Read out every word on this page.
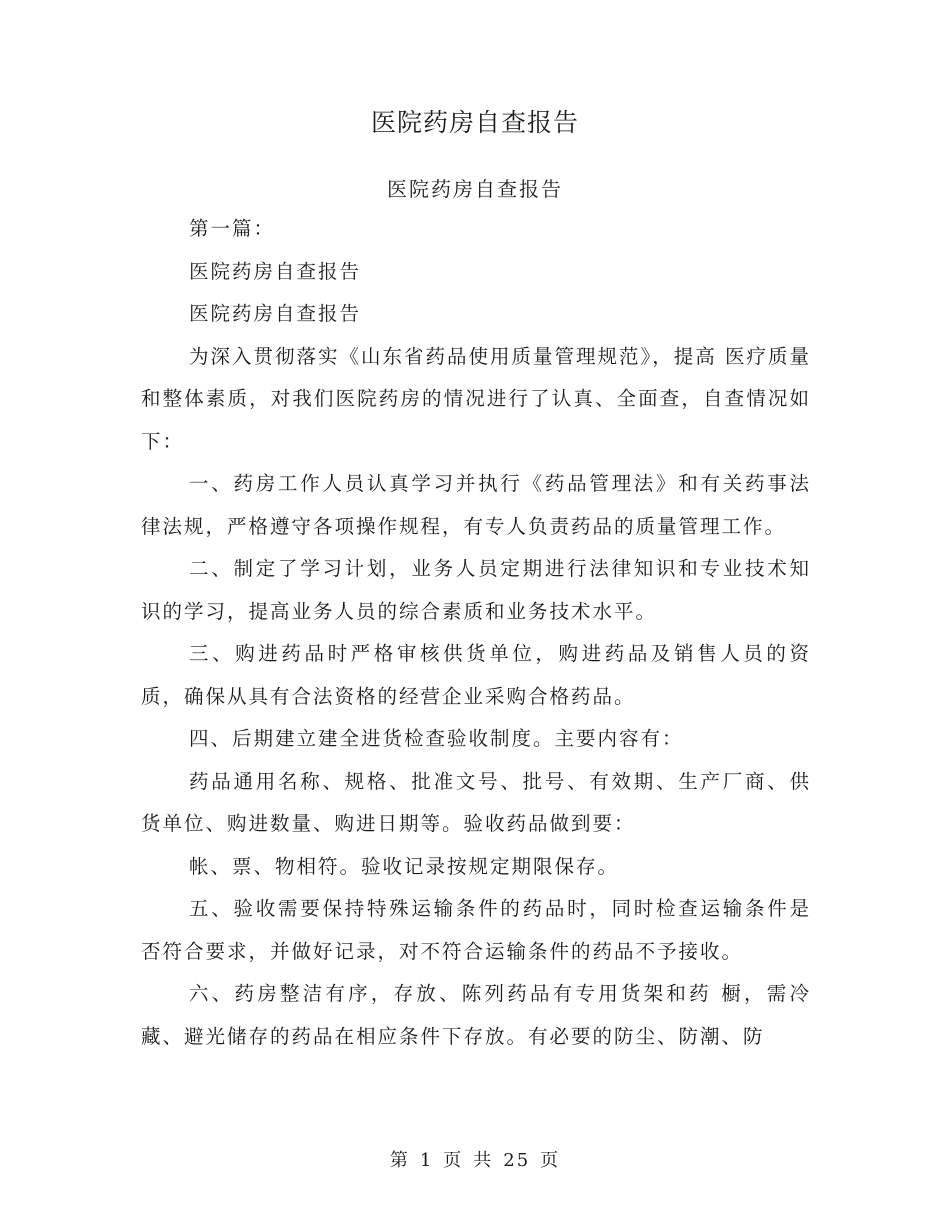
医院药房自查报告
医院药房自查报告

第一篇：

医院药房自查报告

医院药房自查报告

为深入贯彻落实《山东省药品使用质量管理规范》，提高 医疗质量和整体素质，对我们医院药房的情况进行了认真、全面查，自查情况如下：

一、药房工作人员认真学习并执行《药品管理法》和有关药事法律法规，严格遵守各项操作规程，有专人负责药品的质量管理工作。

二、制定了学习计划，业务人员定期进行法律知识和专业技术知识的学习，提高业务人员的综合素质和业务技术水平。

三、购进药品时严格审核供货单位，购进药品及销售人员的资质，确保从具有合法资格的经营企业采购合格药品。

四、后期建立建全进货检查验收制度。主要内容有：

药品通用名称、规格、批准文号、批号、有效期、生产厂商、供货单位、购进数量、购进日期等。验收药品做到要：

帐、票、物相符。验收记录按规定期限保存。

五、验收需要保持特殊运输条件的药品时，同时检查运输条件是否符合要求，并做好记录，对不符合运输条件的药品不予接收。

六、药房整洁有序，存放、陈列药品有专用货架和药 橱，需冷藏、避光储存的药品在相应条件下存放。有必要的防尘、防潮、防

第 1 页 共 25 页
